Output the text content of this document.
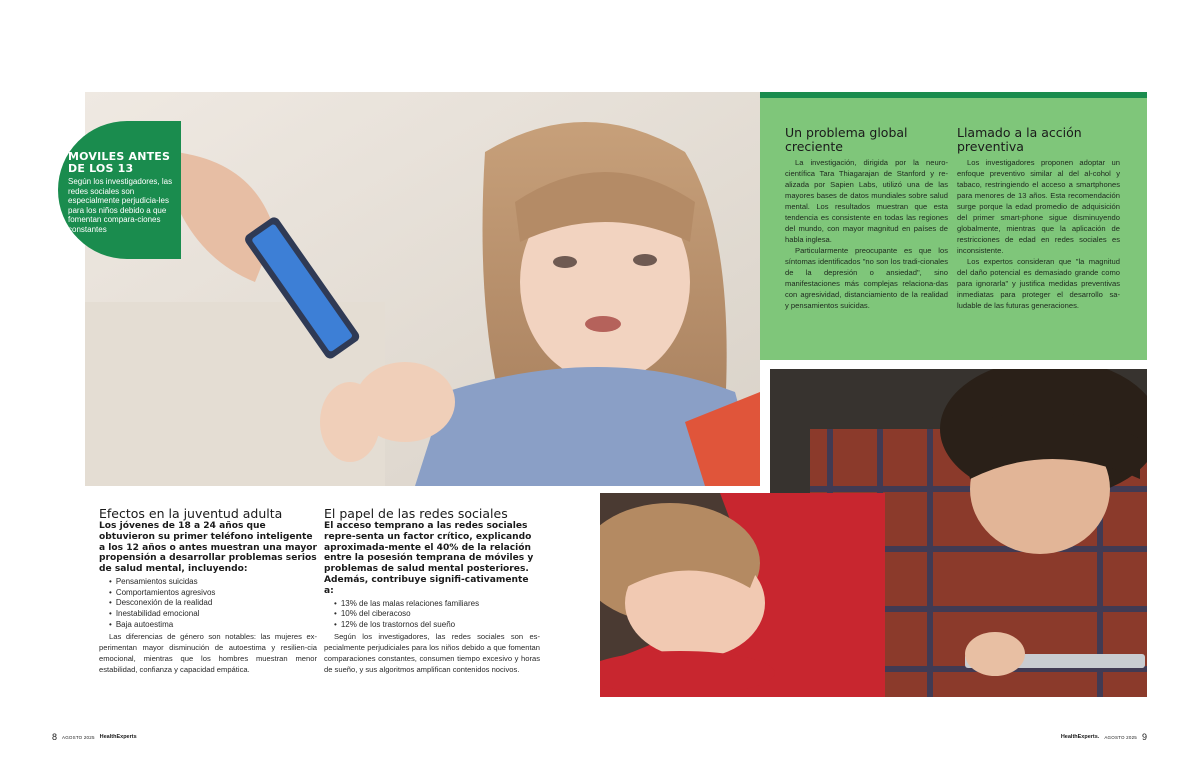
MOVILES ANTES DE LOS 13
Según los investigadores, las redes sociales son especialmente perjudicia-les para los niños debido a que fomentan compara-ciones constantes
Un problema global creciente

La investigación, dirigida por la neuro-científica Tara Thiagarajan de Stanford y re-alizada por Sapien Labs, utilizó una de las mayores bases de datos mundiales sobre salud mental. Los resultados muestran que esta tendencia es consistente en todas las regiones del mundo, con mayor magnitud en países de habla inglesa.

Particularmente preocupante es que los síntomas identificados "no son los tradi-cionales de la depresión o ansiedad", sino manifestaciones más complejas relaciona-das con agresividad, distanciamiento de la realidad y pensamientos suicidas.

Llamado a la acción preventiva

Los investigadores proponen adoptar un enfoque preventivo similar al del al-cohol y tabaco, restringiendo el acceso a smartphones para menores de 13 años. Esta recomendación surge porque la edad promedio de adquisición del primer smart-phone sigue disminuyendo globalmente, mientras que la aplicación de restricciones de edad en redes sociales es inconsistente.

Los expertos consideran que "la magnitud del daño potencial es demasiado grande como para ignorarla" y justifica medidas preventivas inmediatas para proteger el desarrollo sa-ludable de las futuras generaciones.

Efectos en la juventud adulta

Los jóvenes de 18 a 24 años que obtuvieron su primer teléfono inteligente a los 12 años o antes muestran una mayor propensión a desarrollar problemas serios de salud mental, incluyendo:

• Pensamientos suicidas
• Comportamientos agresivos
• Desconexión de la realidad
• Inestabilidad emocional
• Baja autoestima

Las diferencias de género son notables: las mujeres ex-perimentan mayor disminución de autoestima y resilien-cia emocional, mientras que los hombres muestran menor estabilidad, confianza y capacidad empática.

El papel de las redes sociales

El acceso temprano a las redes sociales repre-senta un factor crítico, explicando aproximada-mente el 40% de la relación entre la posesión temprana de móviles y problemas de salud mental posteriores. Además, contribuye signifi-cativamente a:

• 13% de las malas relaciones familiares
• 10% del ciberacoso
• 12% de los trastornos del sueño

Según los investigadores, las redes sociales son es-pecialmente perjudiciales para los niños debido a que fomentan comparaciones constantes, consumen tiempo excesivo y horas de sueño, y sus algoritmos amplifican contenidos nocivos.

8 AGOSTO 2025 HealthExperts	HealthExperts. AGOSTO 2025 9
